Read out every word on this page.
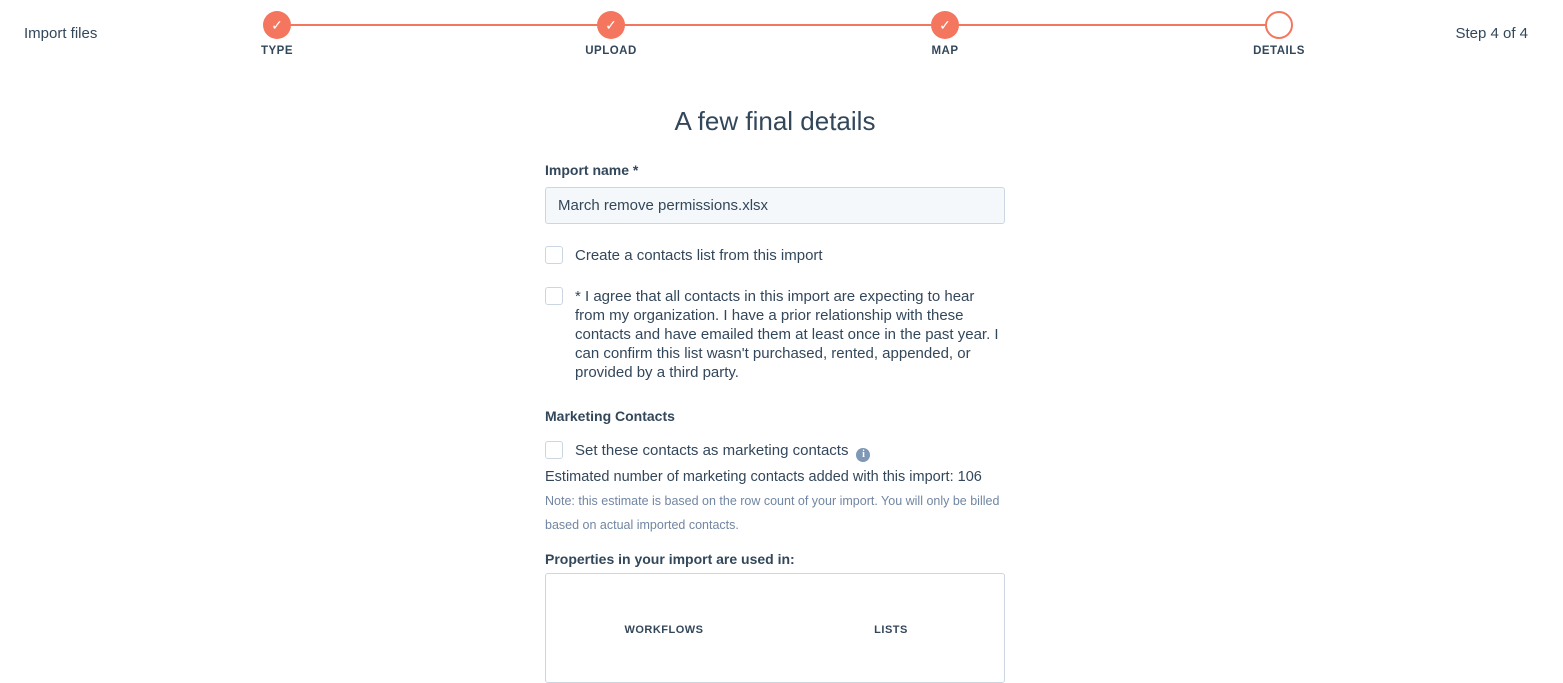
Import files	✓
TYPE
✓
UPLOAD
✓
MAP	DETAILS
Step 4 of 4
A few final details
Import name *
March remove permissions.xlsx
Create a contacts list from this import
* I agree that all contacts in this import are expecting to hear from my organization. I have a prior relationship with these contacts and have emailed them at least once in the past year. I can confirm this list wasn't purchased, rented, appended, or provided by a third party.
Marketing Contacts
Set these contacts as marketing contacts i
Estimated number of marketing contacts added with this import: 106
Note: this estimate is based on the row count of your import. You will only be billed
based on actual imported contacts.
Properties in your import are used in:
WORKFLOWS	LISTS
